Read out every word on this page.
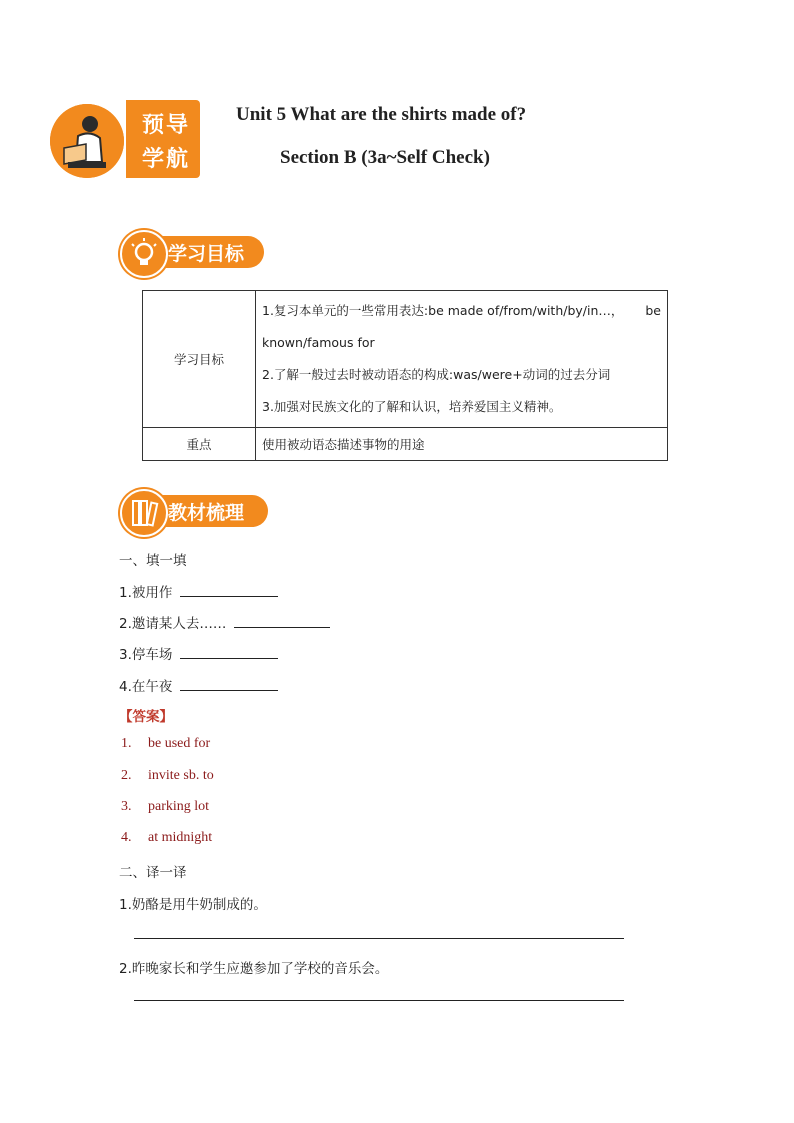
预导
学航
Unit 5 What are the shirts made of?
Section B (3a~Self Check)
学习目标
学习目标	1.复习本单元的一些常用表达:be made of/from/with/by/in…， be
known/famous for
2.了解一般过去时被动语态的构成:was/were+动词的过去分词
3.加强对民族文化的了解和认识，培养爱国主义精神。

重点	使用被动语态描述事物的用途
教材梳理
一、填一填
1.被用作
2.邀请某人去……
3.停车场
4.在午夜
【答案】
1. be used for
2. invite sb. to
3. parking lot
4. at midnight
二、译一译
1.奶酪是用牛奶制成的。
2.昨晚家长和学生应邀参加了学校的音乐会。
